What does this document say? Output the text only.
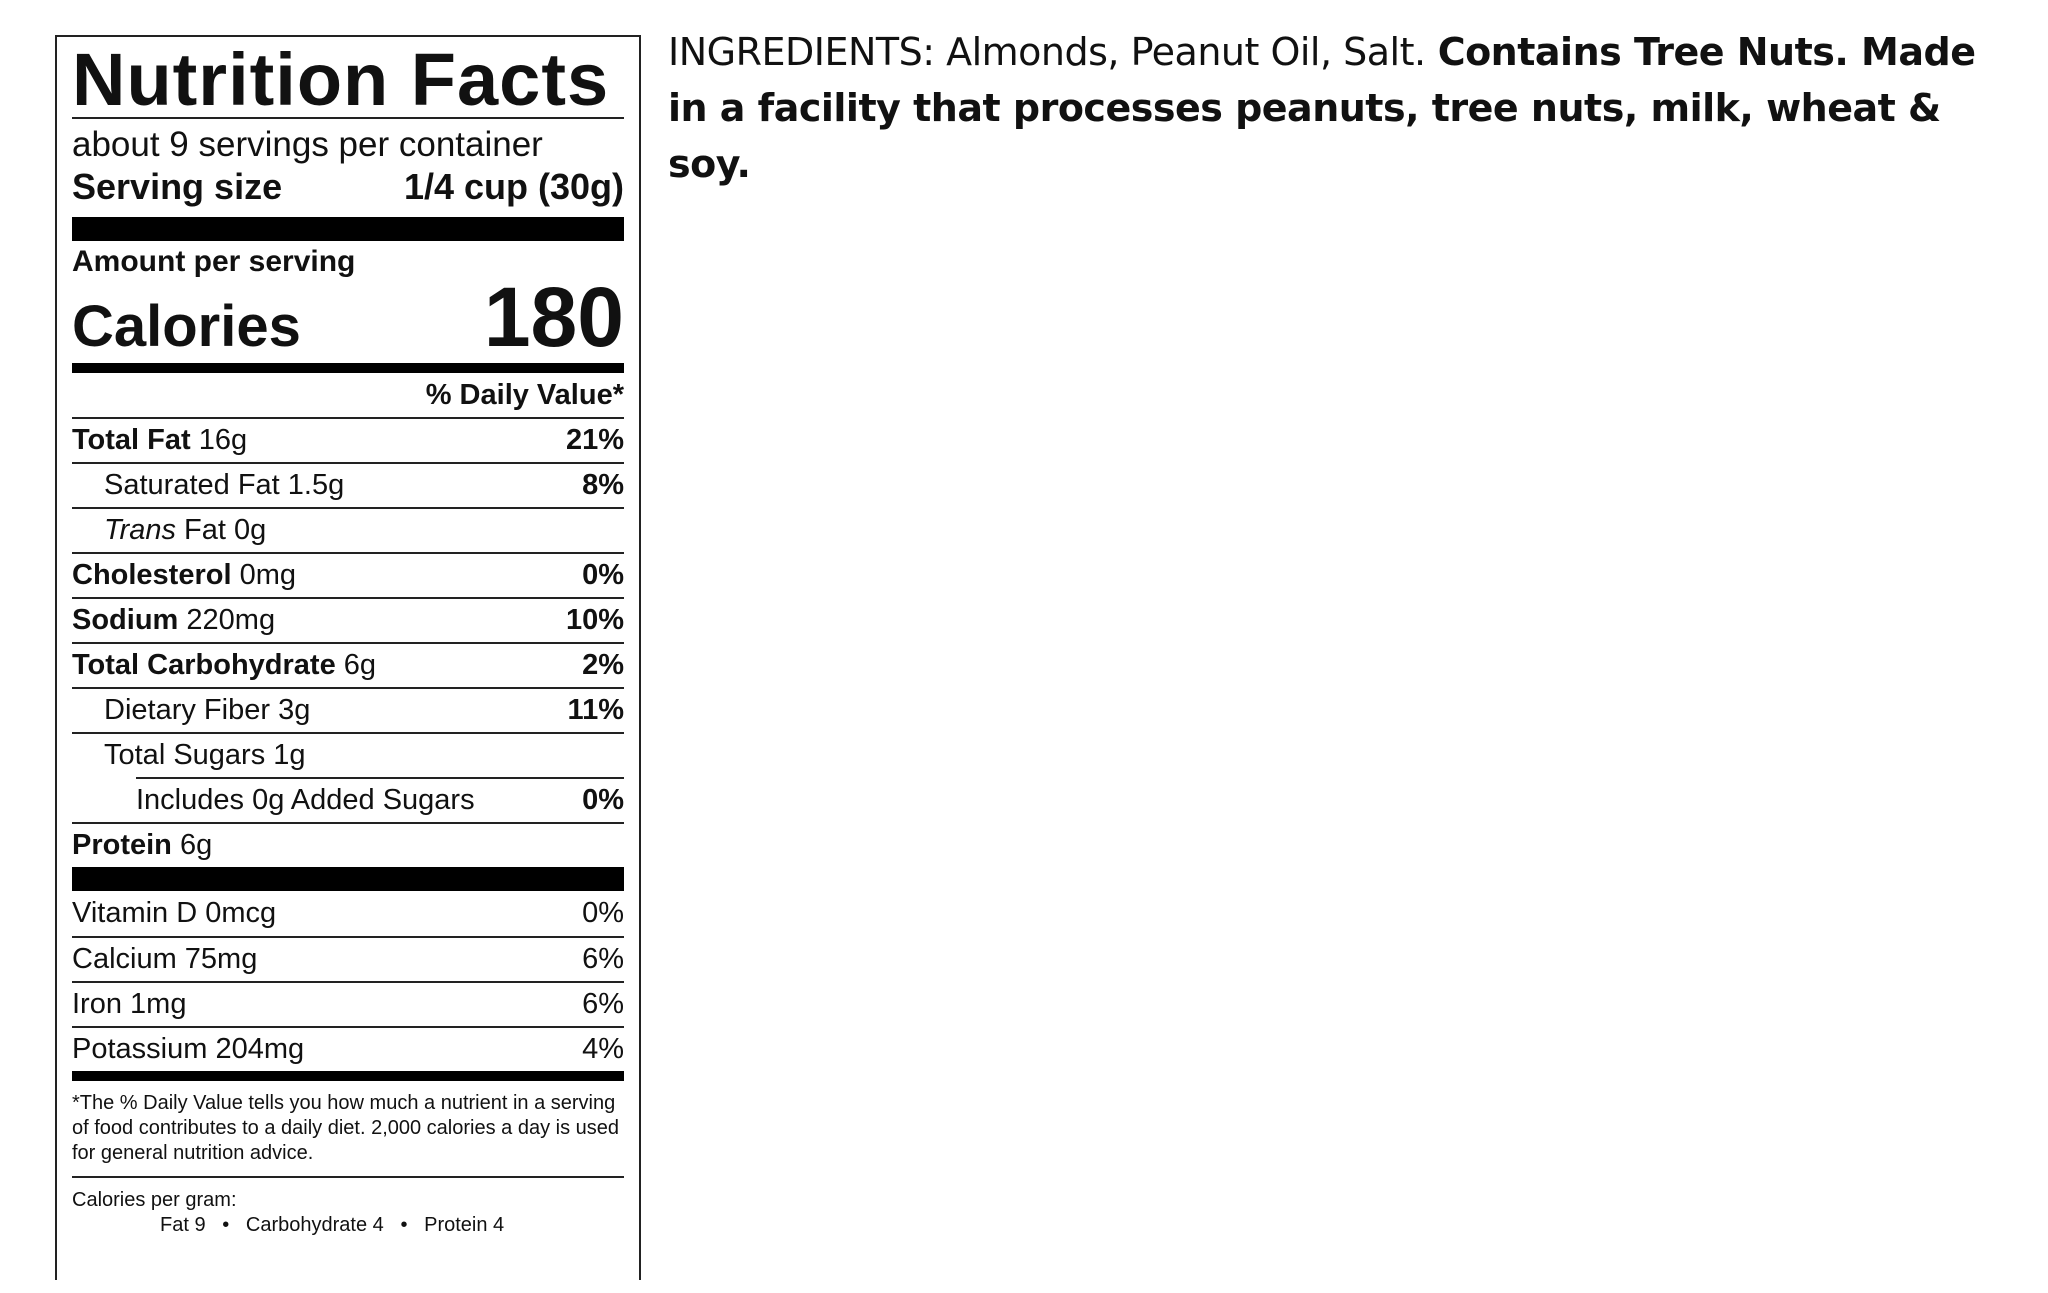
Nutrition Facts
about 9 servings per container
Serving size	1/4 cup (30g)
Amount per serving
Calories 180
% Daily Value*
Total Fat 16g	21%
Saturated Fat 1.5g	8%
Trans Fat 0g
Cholesterol 0mg	0%
Sodium 220mg	10%
Total Carbohydrate 6g	2%
Dietary Fiber 3g	11%
Total Sugars 1g
Includes 0g Added Sugars	0%
Protein 6g
Vitamin D 0mcg	0%
Calcium 75mg	6%
Iron 1mg	6%
Potassium 204mg	4%
*The % Daily Value tells you how much a nutrient in a serving of food contributes to a daily diet. 2,000 calories a day is used for general nutrition advice.
Calories per gram:
Fat 9   •   Carbohydrate 4   •   Protein 4
INGREDIENTS: Almonds, Peanut Oil, Salt. Contains Tree Nuts. Made in a facility that processes peanuts, tree nuts, milk, wheat & soy.
